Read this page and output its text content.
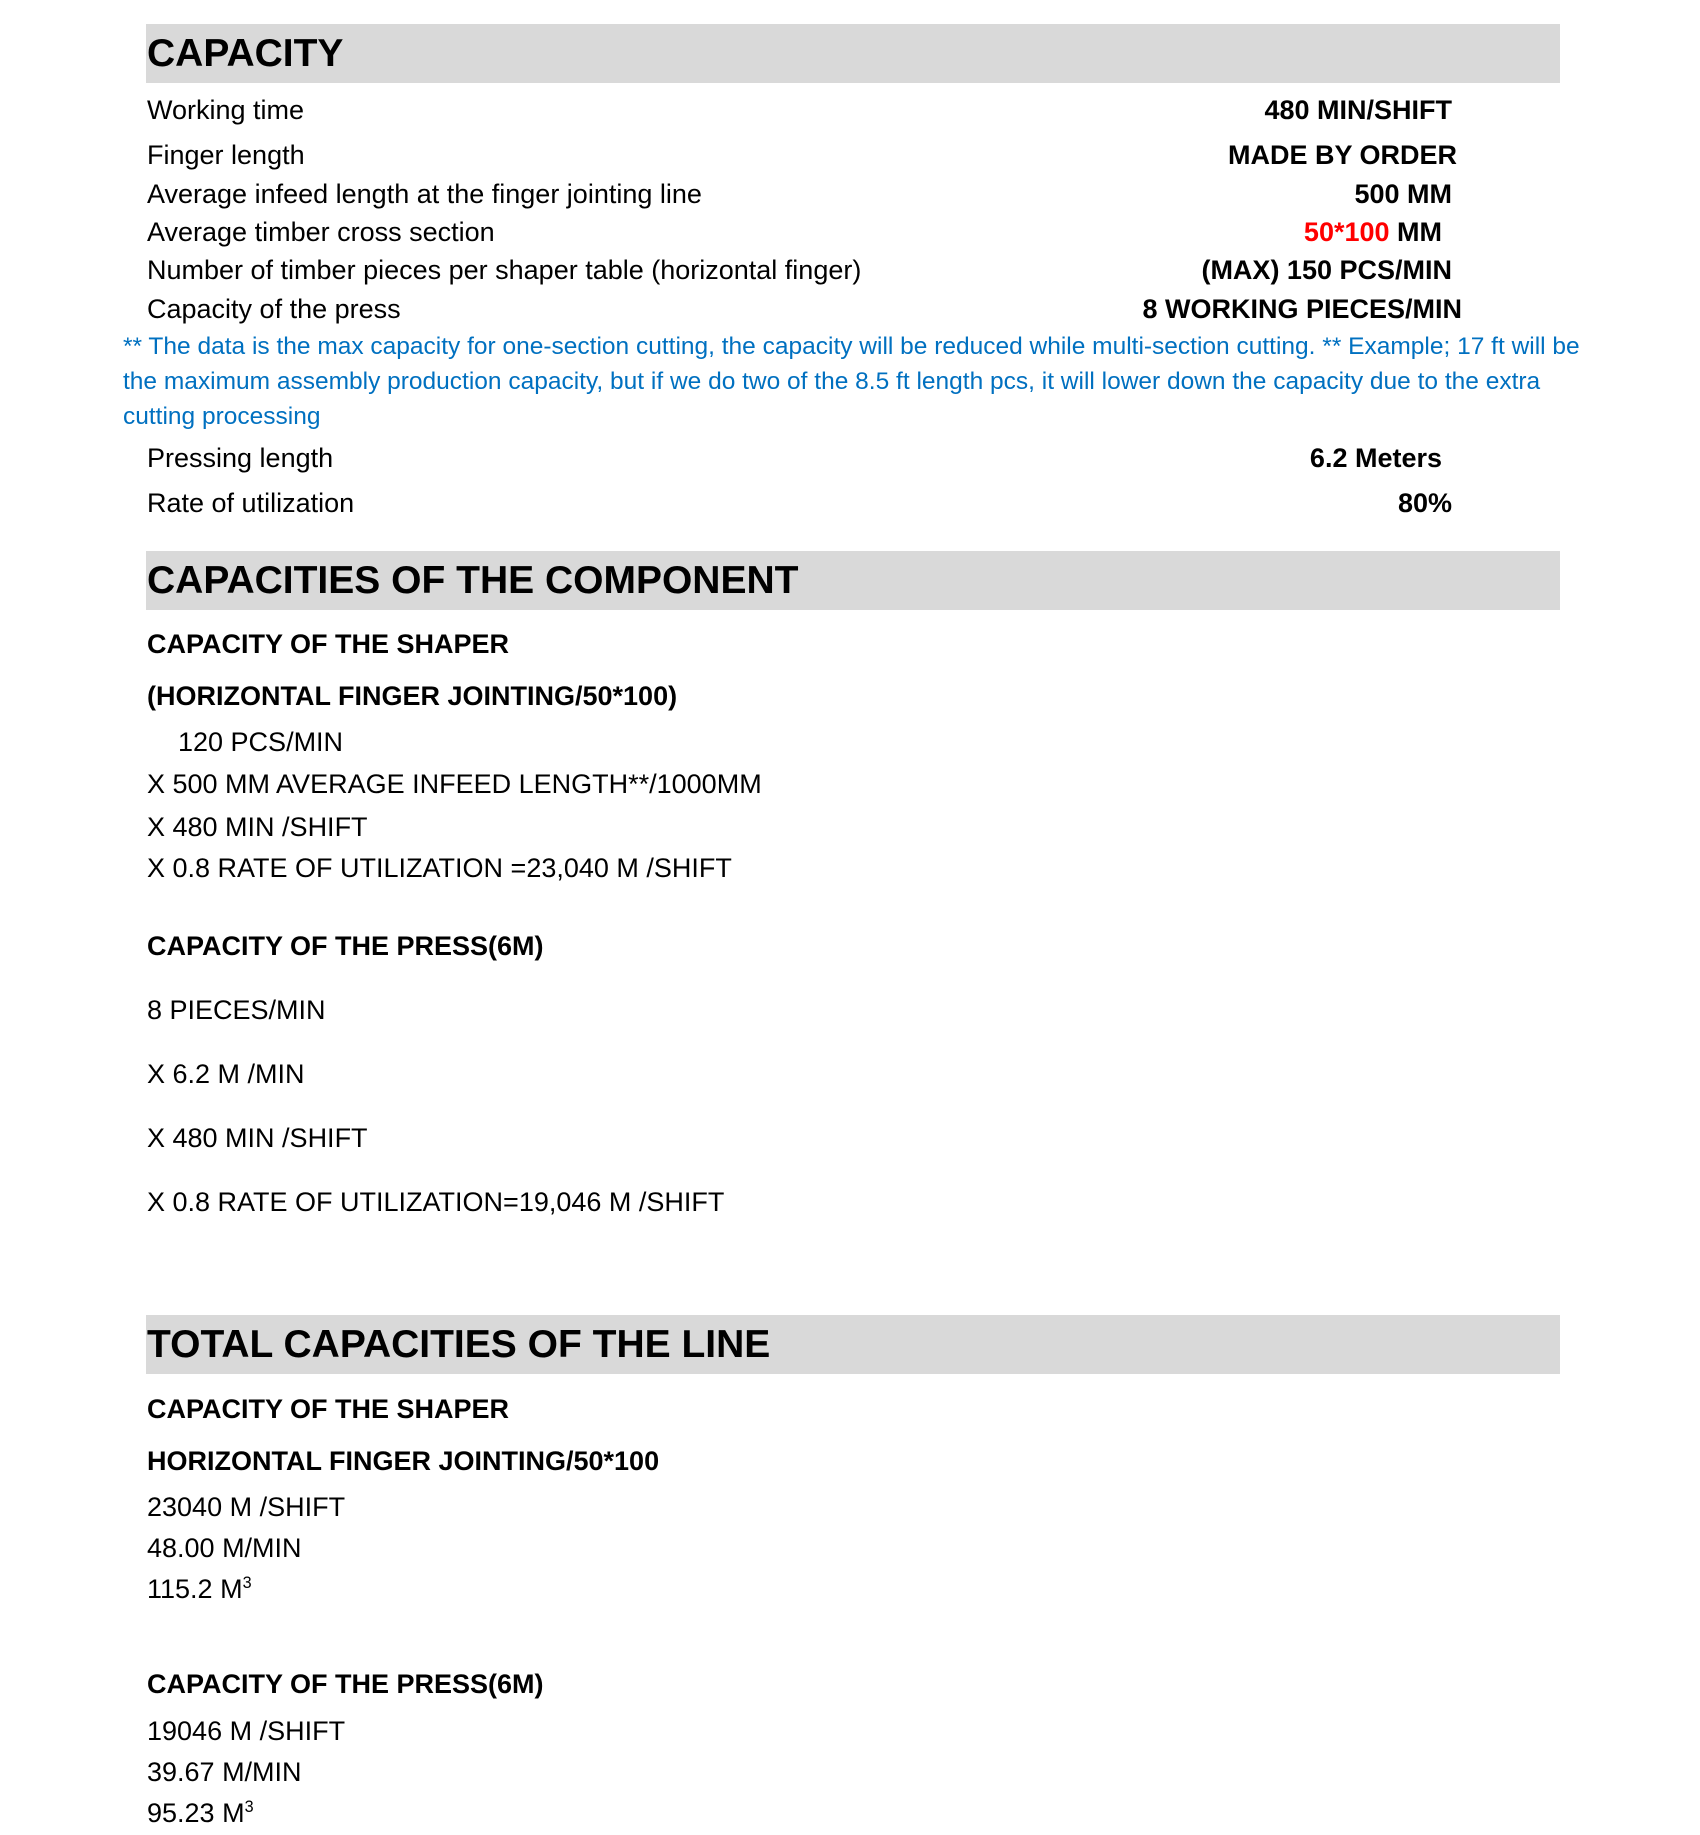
CAPACITY
Working time	480 MIN/SHIFT
Finger length	MADE BY ORDER
Average infeed length at the finger jointing line	500 MM
Average timber cross section	50*100 MM
Number of timber pieces per shaper table (horizontal finger)	(MAX) 150 PCS/MIN
Capacity of the press	8 WORKING PIECES/MIN
** The data is the max capacity for one-section cutting, the capacity will be reduced while multi-section cutting. ** Example; 17 ft will be the maximum assembly production capacity, but if we do two of the 8.5 ft length pcs, it will lower down the capacity due to the extra cutting processing
Pressing length	6.2 Meters
Rate of utilization	80%
CAPACITIES OF THE COMPONENT
CAPACITY OF THE SHAPER
(HORIZONTAL FINGER JOINTING/50*100)
120 PCS/MIN
X 500 MM AVERAGE INFEED LENGTH**/1000MM
X 480 MIN /SHIFT
X 0.8 RATE OF UTILIZATION =23,040 M /SHIFT
CAPACITY OF THE PRESS(6M)
8 PIECES/MIN
X 6.2 M /MIN
X 480 MIN /SHIFT
X 0.8 RATE OF UTILIZATION=19,046 M /SHIFT
TOTAL CAPACITIES OF THE LINE
CAPACITY OF THE SHAPER
HORIZONTAL FINGER JOINTING/50*100
23040 M /SHIFT
48.00 M/MIN
115.2 $M^3$
CAPACITY OF THE PRESS(6M)
19046 M /SHIFT
39.67 M/MIN
95.23 $M^3$
